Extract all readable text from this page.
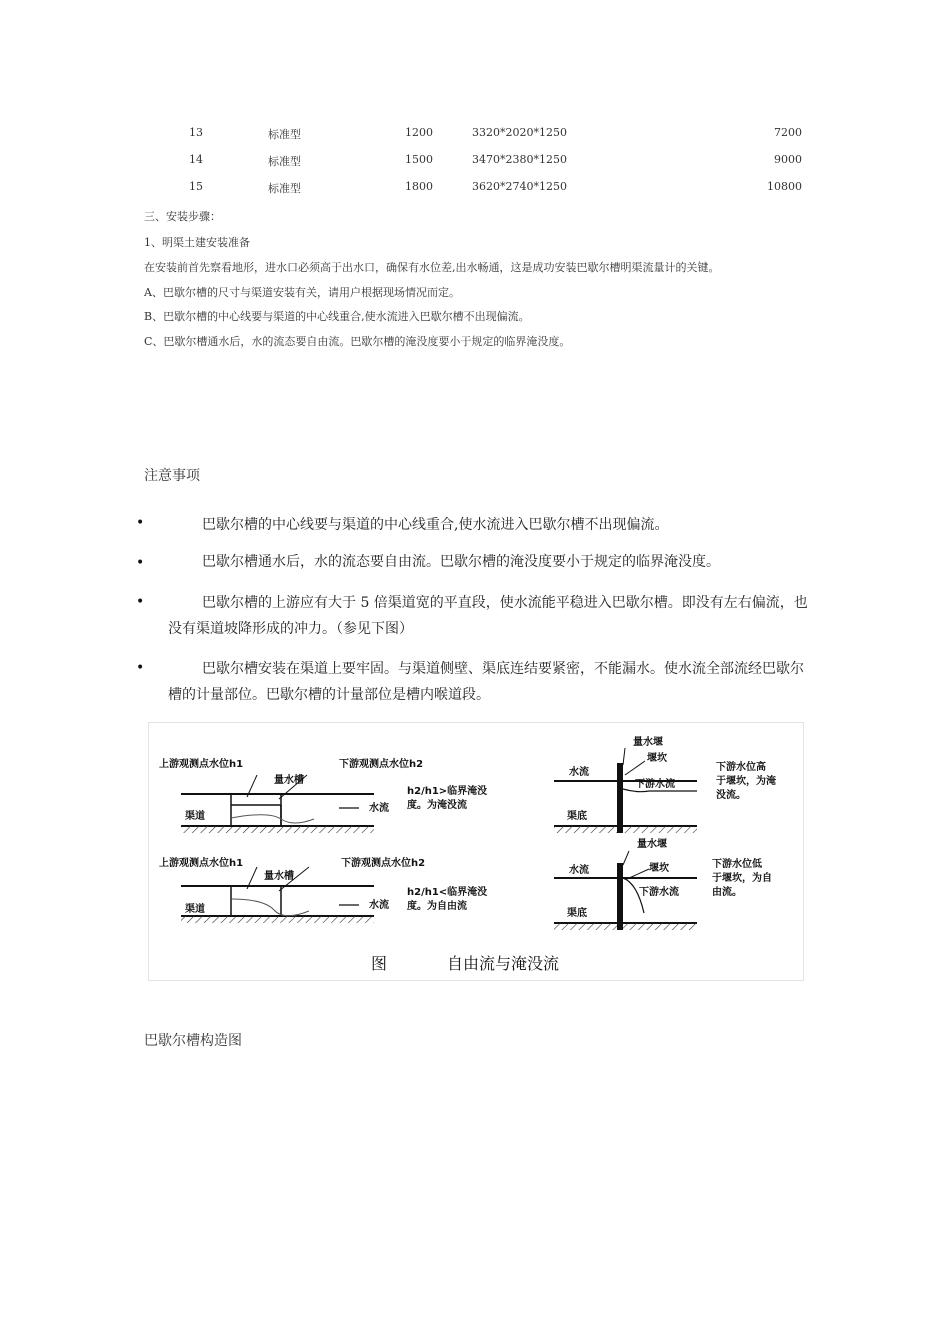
13	标准型	1200	3320*2020*1250	7200
14	标准型	1500	3470*2380*1250	9000
15	标准型	1800	3620*2740*1250	10800
三、安装步骤：
1、明渠土建安装准备
在安装前首先察看地形，进水口必须高于出水口，确保有水位差,出水畅通，这是成功安装巴歇尔槽明渠流量计的关键。
A、巴歇尔槽的尺寸与渠道安装有关，请用户根据现场情况而定。
B、巴歇尔槽的中心线要与渠道的中心线重合,使水流进入巴歇尔槽不出现偏流。
C、巴歇尔槽通水后，水的流态要自由流。巴歇尔槽的淹没度要小于规定的临界淹没度。
注意事项
•	巴歇尔槽的中心线要与渠道的中心线重合,使水流进入巴歇尔槽不出现偏流。
•	巴歇尔槽通水后，水的流态要自由流。巴歇尔槽的淹没度要小于规定的临界淹没度。
•	巴歇尔槽的上游应有大于 5 倍渠道宽的平直段，使水流能平稳进入巴歇尔槽。即没有左右偏流，也没有渠道坡降形成的冲力。（参见下图）
•	巴歇尔槽安装在渠道上要牢固。与渠道侧壁、渠底连结要紧密，不能漏水。使水流全部流经巴歇尔槽的计量部位。巴歇尔槽的计量部位是槽内喉道段。
上游观测点水位h1
量水槽
下游观测点水位h2
水流
渠道
h2/h1>临界淹没
度。为淹没流
上游观测点水位h1
量水槽
下游观测点水位h2
水流
渠道
h2/h1<临界淹没
度。为自由流
量水堰
堰坎
水流
下游水流
渠底
下游水位高
于堰坎，为淹
没流。
量水堰
堰坎
水流
下游水流
渠底
下游水位低
于堰坎，为自
由流。
图	自由流与淹没流
巴歇尔槽构造图
